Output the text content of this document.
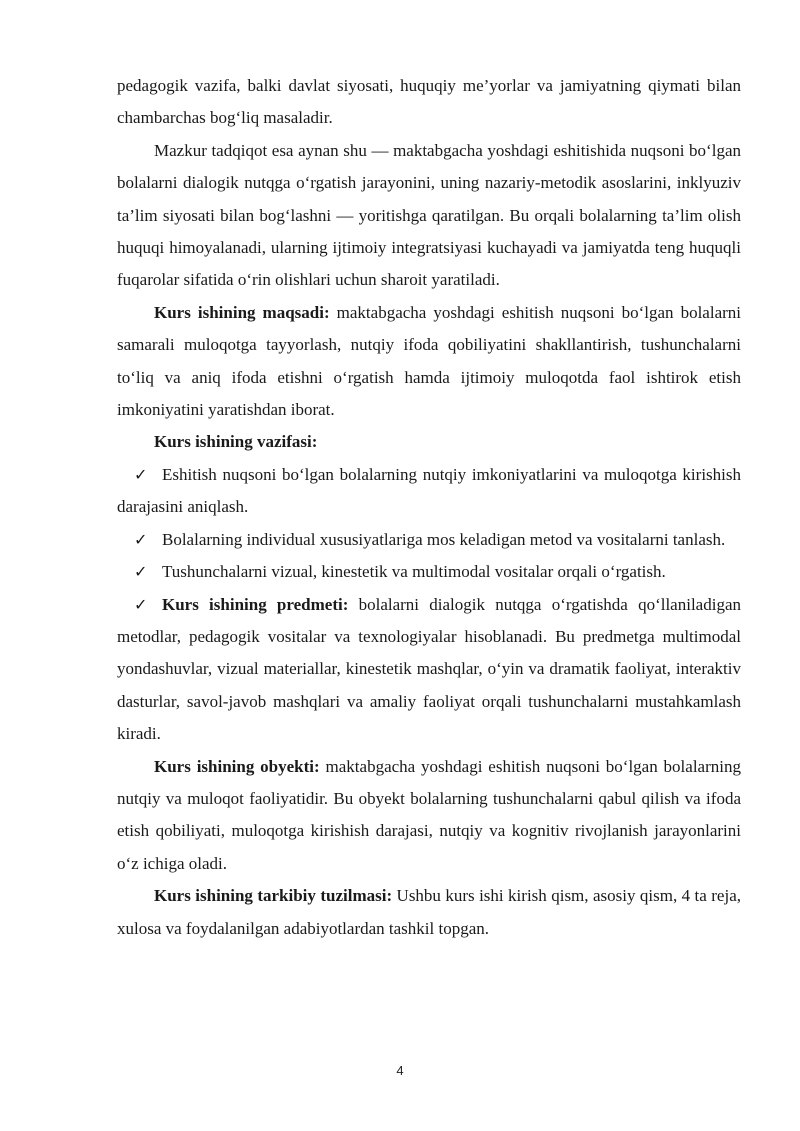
pedagogik vazifa, balki davlat siyosati, huquqiy me’yorlar va jamiyatning qiymati bilan chambarchas bog‘liq masaladir.

Mazkur tadqiqot esa aynan shu — maktabgacha yoshdagi eshitishida nuqsoni bo‘lgan bolalarni dialogik nutqga o‘rgatish jarayonini, uning nazariy-metodik asoslarini, inklyuziv ta’lim siyosati bilan bog‘lashni — yoritishga qaratilgan. Bu orqali bolalarning ta’lim olish huquqi himoyalanadi, ularning ijtimoiy integratsiyasi kuchayadi va jamiyatda teng huquqli fuqarolar sifatida o‘rin olishlari uchun sharoit yaratiladi.

Kurs ishining maqsadi: maktabgacha yoshdagi eshitish nuqsoni bo‘lgan bolalarni samarali muloqotga tayyorlash, nutqiy ifoda qobiliyatini shakllantirish, tushunchalarni to‘liq va aniq ifoda etishni o‘rgatish hamda ijtimoiy muloqotda faol ishtirok etish imkoniyatini yaratishdan iborat.

Kurs ishining vazifasi:

✓ Eshitish nuqsoni bo‘lgan bolalarning nutqiy imkoniyatlarini va muloqotga kirishish darajasini aniqlash.

✓ Bolalarning individual xususiyatlariga mos keladigan metod va vositalarni tanlash.

✓ Tushunchalarni vizual, kinestetik va multimodal vositalar orqali o‘rgatish.

✓ Kurs ishining predmeti: bolalarni dialogik nutqga o‘rgatishda qo‘llaniladigan metodlar, pedagogik vositalar va texnologiyalar hisoblanadi. Bu predmetga multimodal yondashuvlar, vizual materiallar, kinestetik mashqlar, o‘yin va dramatik faoliyat, interaktiv dasturlar, savol-javob mashqlari va amaliy faoliyat orqali tushunchalarni mustahkamlash kiradi.

Kurs ishining obyekti: maktabgacha yoshdagi eshitish nuqsoni bo‘lgan bolalarning nutqiy va muloqot faoliyatidir. Bu obyekt bolalarning tushunchalarni qabul qilish va ifoda etish qobiliyati, muloqotga kirishish darajasi, nutqiy va kognitiv rivojlanish jarayonlarini o‘z ichiga oladi.

Kurs ishining tarkibiy tuzilmasi: Ushbu kurs ishi kirish qism, asosiy qism, 4 ta reja, xulosa va foydalanilgan adabiyotlardan tashkil topgan.

4
